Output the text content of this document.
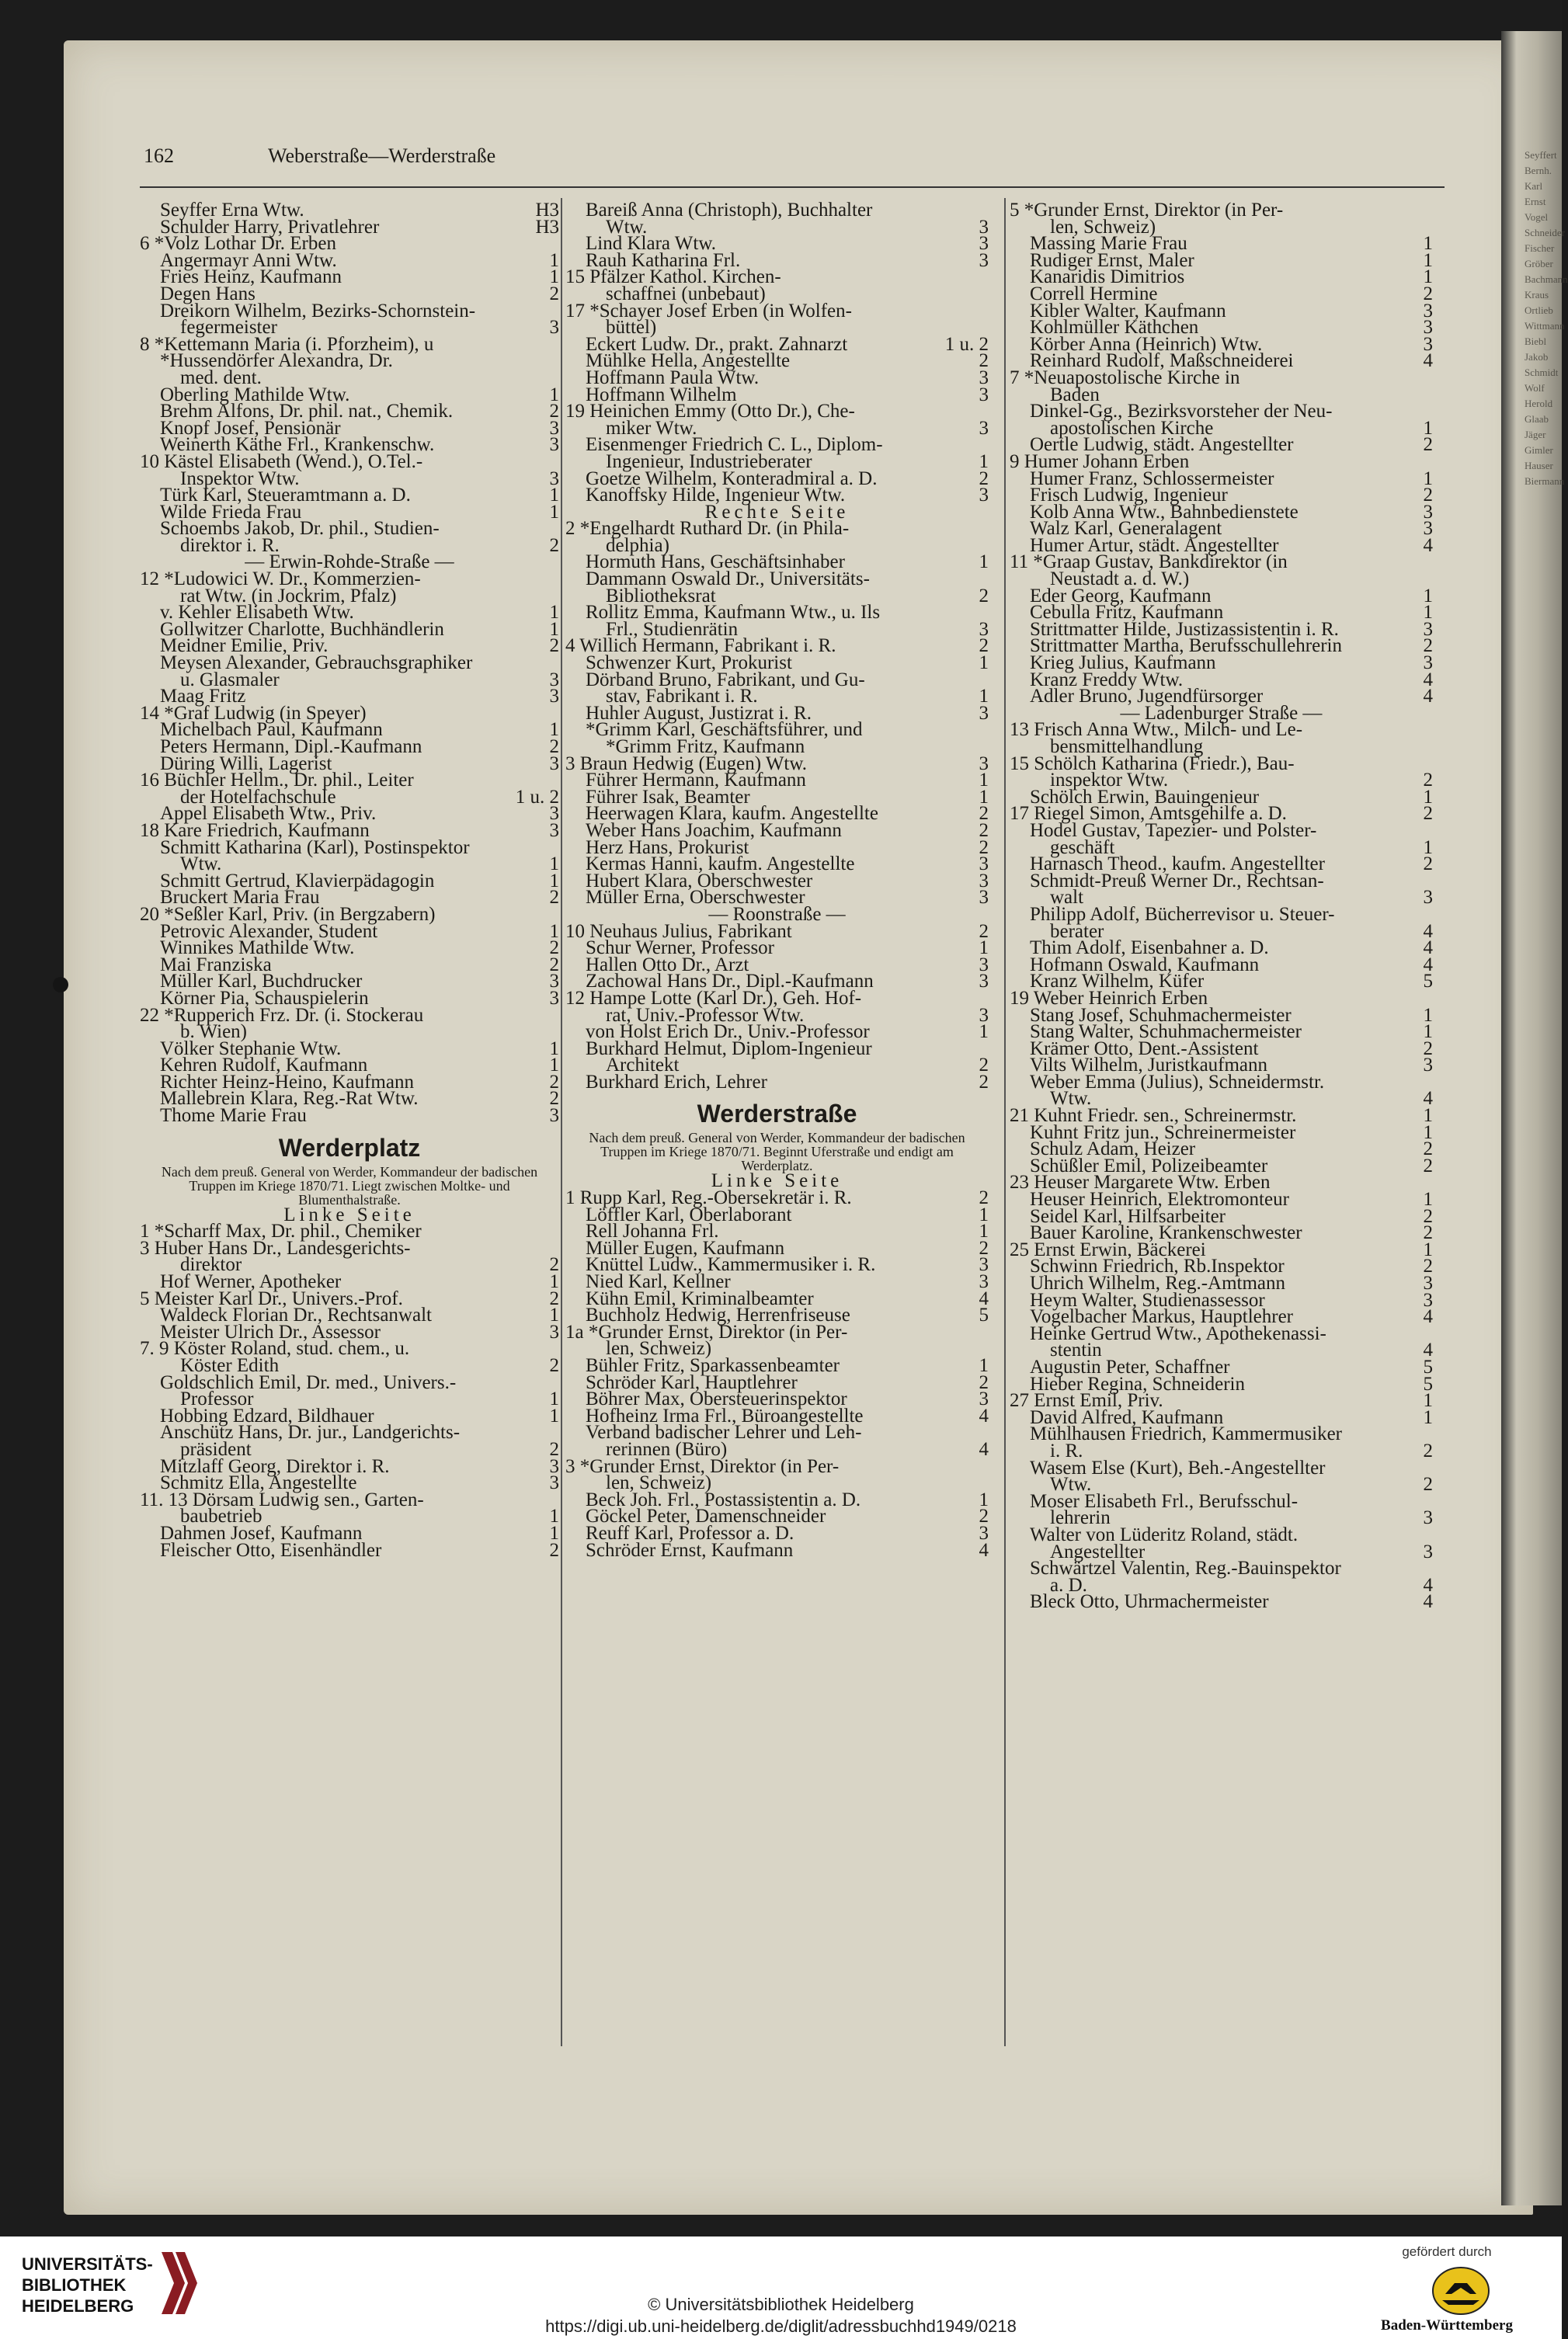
Seyffert
Bernh.
Karl
Ernst
Vogel
Schneider
Fischer
Gröber
Bachmann
Kraus
Ortlieb
Wittmann
Biebl
Jakob
Schmidt
Wolf
Herold
Glaab
Jäger
Gimler
Hauser
Biermann
162	Weberstraße—Werderstraße
H3
Seyffer Erna Wtw.
H3
Schulder Harry, Privatlehrer
6 *Volz Lothar Dr. Erben
1
Angermayr Anni Wtw.
1
Fries Heinz, Kaufmann
2
Degen Hans
Dreikorn Wilhelm, Bezirks-Schornstein-
3
fegermeister
8 *Kettemann Maria (i. Pforzheim), u
*Hussendörfer Alexandra, Dr.
med. dent.
1
Oberling Mathilde Wtw.
2
Brehm Alfons, Dr. phil. nat., Chemik.
3
Knopf Josef, Pensionär
3
Weinerth Käthe Frl., Krankenschw.
10 Kästel Elisabeth (Wend.), O.Tel.-
3
Inspektor Wtw.
1
Türk Karl, Steueramtmann a. D.
1
Wilde Frieda Frau
Schoembs Jakob, Dr. phil., Studien-
2
direktor i. R.
— Erwin-Rohde-Straße —
12 *Ludowici W. Dr., Kommerzien-
rat Wtw. (in Jockrim, Pfalz)
1
v. Kehler Elisabeth Wtw.
1
Gollwitzer Charlotte, Buchhändlerin
2
Meidner Emilie, Priv.
Meysen Alexander, Gebrauchsgraphiker
3
u. Glasmaler
3
Maag Fritz
14 *Graf Ludwig (in Speyer)
1
Michelbach Paul, Kaufmann
2
Peters Hermann, Dipl.-Kaufmann
3
Düring Willi, Lagerist
16 Büchler Hellm., Dr. phil., Leiter
1 u. 2
der Hotelfachschule
3
Appel Elisabeth Wtw., Priv.
3
18 Kare Friedrich, Kaufmann
Schmitt Katharina (Karl), Postinspektor
1
Wtw.
1
Schmitt Gertrud, Klavierpädagogin
2
Bruckert Maria Frau
20 *Seßler Karl, Priv. (in Bergzabern)
1
Petrovic Alexander, Student
2
Winnikes Mathilde Wtw.
2
Mai Franziska
3
Müller Karl, Buchdrucker
3
Körner Pia, Schauspielerin
22 *Rupperich Frz. Dr. (i. Stockerau
b. Wien)
1
Völker Stephanie Wtw.
1
Kehren Rudolf, Kaufmann
2
Richter Heinz-Heino, Kaufmann
2
Mallebrein Klara, Reg.-Rat Wtw.
3
Thome Marie Frau
Werderplatz
Nach dem preuß. General von Werder, Kommandeur der badischen Truppen im Kriege 1870/71. Liegt zwischen Moltke- und Blumenthalstraße.
Linke Seite
1 *Scharff Max, Dr. phil., Chemiker
3 Huber Hans Dr., Landesgerichts-
2
direktor
1
Hof Werner, Apotheker
2
5 Meister Karl Dr., Univers.-Prof.
1
Waldeck Florian Dr., Rechtsanwalt
3
Meister Ulrich Dr., Assessor
7. 9 Köster Roland, stud. chem., u.
2
Köster Edith
Goldschlich Emil, Dr. med., Univers.-
1
Professor
1
Hobbing Edzard, Bildhauer
Anschütz Hans, Dr. jur., Landgerichts-
2
präsident
3
Mitzlaff Georg, Direktor i. R.
3
Schmitz Ella, Angestellte
11. 13 Dörsam Ludwig sen., Garten-
1
baubetrieb
1
Dahmen Josef, Kaufmann
2
Fleischer Otto, Eisenhändler
Bareiß Anna (Christoph), Buchhalter
3
Wtw.
3
Lind Klara Wtw.
3
Rauh Katharina Frl.
15 Pfälzer Kathol. Kirchen-
schaffnei (unbebaut)
17 *Schayer Josef Erben (in Wolfen-
büttel)
1 u. 2
Eckert Ludw. Dr., prakt. Zahnarzt
2
Mühlke Hella, Angestellte
3
Hoffmann Paula Wtw.
3
Hoffmann Wilhelm
19 Heinichen Emmy (Otto Dr.), Che-
3
miker Wtw.
Eisenmenger Friedrich C. L., Diplom-
1
Ingenieur, Industrieberater
2
Goetze Wilhelm, Konteradmiral a. D.
3
Kanoffsky Hilde, Ingenieur Wtw.
Rechte Seite
2 *Engelhardt Ruthard Dr. (in Phila-
delphia)
1
Hormuth Hans, Geschäftsinhaber
Dammann Oswald Dr., Universitäts-
2
Bibliotheksrat
Rollitz Emma, Kaufmann Wtw., u. Ils
3
Frl., Studienrätin
2
4 Willich Hermann, Fabrikant i. R.
1
Schwenzer Kurt, Prokurist
Dörband Bruno, Fabrikant, und Gu-
1
stav, Fabrikant i. R.
3
Huhler August, Justizrat i. R.
*Grimm Karl, Geschäftsführer, und
*Grimm Fritz, Kaufmann
3
3 Braun Hedwig (Eugen) Wtw.
1
Führer Hermann, Kaufmann
1
Führer Isak, Beamter
2
Heerwagen Klara, kaufm. Angestellte
2
Weber Hans Joachim, Kaufmann
2
Herz Hans, Prokurist
3
Kermas Hanni, kaufm. Angestellte
3
Hubert Klara, Oberschwester
3
Müller Erna, Oberschwester
— Roonstraße —
2
10 Neuhaus Julius, Fabrikant
1
Schur Werner, Professor
3
Hallen Otto Dr., Arzt
3
Zachowal Hans Dr., Dipl.-Kaufmann
12 Hampe Lotte (Karl Dr.), Geh. Hof-
3
rat, Univ.-Professor Wtw.
1
von Holst Erich Dr., Univ.-Professor
Burkhard Helmut, Diplom-Ingenieur
2
Architekt
2
Burkhard Erich, Lehrer
Werderstraße
Nach dem preuß. General von Werder, Kommandeur der badischen Truppen im Kriege 1870/71. Beginnt Uferstraße und endigt am Werderplatz.
Linke Seite
2
1 Rupp Karl, Reg.-Obersekretär i. R.
1
Löffler Karl, Oberlaborant
1
Rell Johanna Frl.
2
Müller Eugen, Kaufmann
3
Knüttel Ludw., Kammermusiker i. R.
3
Nied Karl, Kellner
4
Kühn Emil, Kriminalbeamter
5
Buchholz Hedwig, Herrenfriseuse
1a *Grunder Ernst, Direktor (in Per-
len, Schweiz)
1
Bühler Fritz, Sparkassenbeamter
2
Schröder Karl, Hauptlehrer
3
Böhrer Max, Obersteuerinspektor
4
Hofheinz Irma Frl., Büroangestellte
Verband badischer Lehrer und Leh-
4
rerinnen (Büro)
3 *Grunder Ernst, Direktor (in Per-
len, Schweiz)
1
Beck Joh. Frl., Postassistentin a. D.
2
Göckel Peter, Damenschneider
3
Reuff Karl, Professor a. D.
4
Schröder Ernst, Kaufmann
5 *Grunder Ernst, Direktor (in Per-
len, Schweiz)
1
Massing Marie Frau
1
Rudiger Ernst, Maler
1
Kanaridis Dimitrios
2
Correll Hermine
3
Kibler Walter, Kaufmann
3
Kohlmüller Käthchen
3
Körber Anna (Heinrich) Wtw.
4
Reinhard Rudolf, Maßschneiderei
7 *Neuapostolische Kirche in
Baden
Dinkel-Gg., Bezirksvorsteher der Neu-
1
apostolischen Kirche
2
Oertle Ludwig, städt. Angestellter
9 Humer Johann Erben
1
Humer Franz, Schlossermeister
2
Frisch Ludwig, Ingenieur
3
Kolb Anna Wtw., Bahnbedienstete
3
Walz Karl, Generalagent
4
Humer Artur, städt. Angestellter
11 *Graap Gustav, Bankdirektor (in
Neustadt a. d. W.)
1
Eder Georg, Kaufmann
1
Cebulla Fritz, Kaufmann
3
Strittmatter Hilde, Justizassistentin i. R.
2
Strittmatter Martha, Berufsschullehrerin
3
Krieg Julius, Kaufmann
4
Kranz Freddy Wtw.
4
Adler Bruno, Jugendfürsorger
— Ladenburger Straße —
13 Frisch Anna Wtw., Milch- und Le-
bensmittelhandlung
15 Schölch Katharina (Friedr.), Bau-
2
inspektor Wtw.
1
Schölch Erwin, Bauingenieur
2
17 Riegel Simon, Amtsgehilfe a. D.
Hodel Gustav, Tapezier- und Polster-
1
geschäft
2
Harnasch Theod., kaufm. Angestellter
Schmidt-Preuß Werner Dr., Rechtsan-
3
walt
Philipp Adolf, Bücherrevisor u. Steuer-
4
berater
4
Thim Adolf, Eisenbahner a. D.
4
Hofmann Oswald, Kaufmann
5
Kranz Wilhelm, Küfer
19 Weber Heinrich Erben
1
Stang Josef, Schuhmachermeister
1
Stang Walter, Schuhmachermeister
2
Krämer Otto, Dent.-Assistent
3
Vilts Wilhelm, Juristkaufmann
Weber Emma (Julius), Schneidermstr.
4
Wtw.
1
21 Kuhnt Friedr. sen., Schreinermstr.
1
Kuhnt Fritz jun., Schreinermeister
2
Schulz Adam, Heizer
2
Schüßler Emil, Polizeibeamter
23 Heuser Margarete Wtw. Erben
1
Heuser Heinrich, Elektromonteur
2
Seidel Karl, Hilfsarbeiter
2
Bauer Karoline, Krankenschwester
1
25 Ernst Erwin, Bäckerei
2
Schwinn Friedrich, Rb.Inspektor
3
Uhrich Wilhelm, Reg.-Amtmann
3
Heym Walter, Studienassessor
4
Vogelbacher Markus, Hauptlehrer
Heinke Gertrud Wtw., Apothekenassi-
4
stentin
5
Augustin Peter, Schaffner
5
Hieber Regina, Schneiderin
1
27 Ernst Emil, Priv.
1
David Alfred, Kaufmann
Mühlhausen Friedrich, Kammermusiker
2
i. R.
Wasem Else (Kurt), Beh.-Angestellter
2
Wtw.
Moser Elisabeth Frl., Berufsschul-
3
lehrerin
Walter von Lüderitz Roland, städt.
3
Angestellter
Schwärtzel Valentin, Reg.-Bauinspektor
4
a. D.
4
Bleck Otto, Uhrmachermeister
UNIVERSITÄTS-
BIBLIOTHEK
HEIDELBERG	© Universitätsbibliothek Heidelberg
https://digi.ub.uni-heidelberg.de/diglit/adressbuchhd1949/0218
gefördert durch
Baden-Württemberg
